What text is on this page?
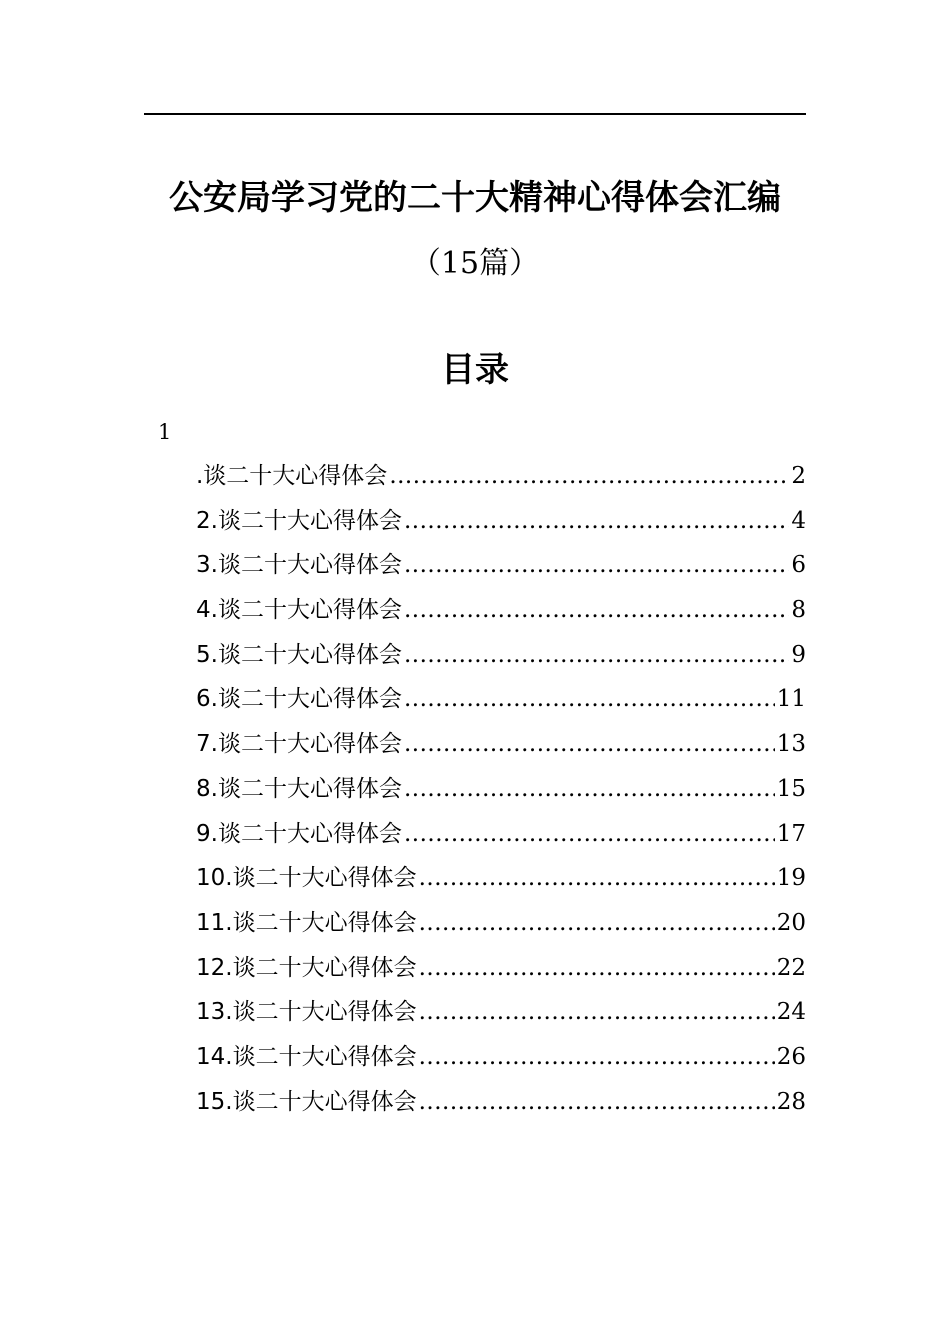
公安局学习党的二十大精神心得体会汇编
（15篇）
目录
1
.谈二十大心得体会 .....	2
2.谈二十大心得体会 .....	4
3.谈二十大心得体会 .....	6
4.谈二十大心得体会 .....	8
5.谈二十大心得体会 .....	9
6.谈二十大心得体会 .....	11
7.谈二十大心得体会 .....	13
8.谈二十大心得体会 .....	15
9.谈二十大心得体会 .....	17
10.谈二十大心得体会 .....	19
11.谈二十大心得体会 .....	20
12.谈二十大心得体会 .....	22
13.谈二十大心得体会 .....	24
14.谈二十大心得体会 .....	26
15.谈二十大心得体会 .....	28
